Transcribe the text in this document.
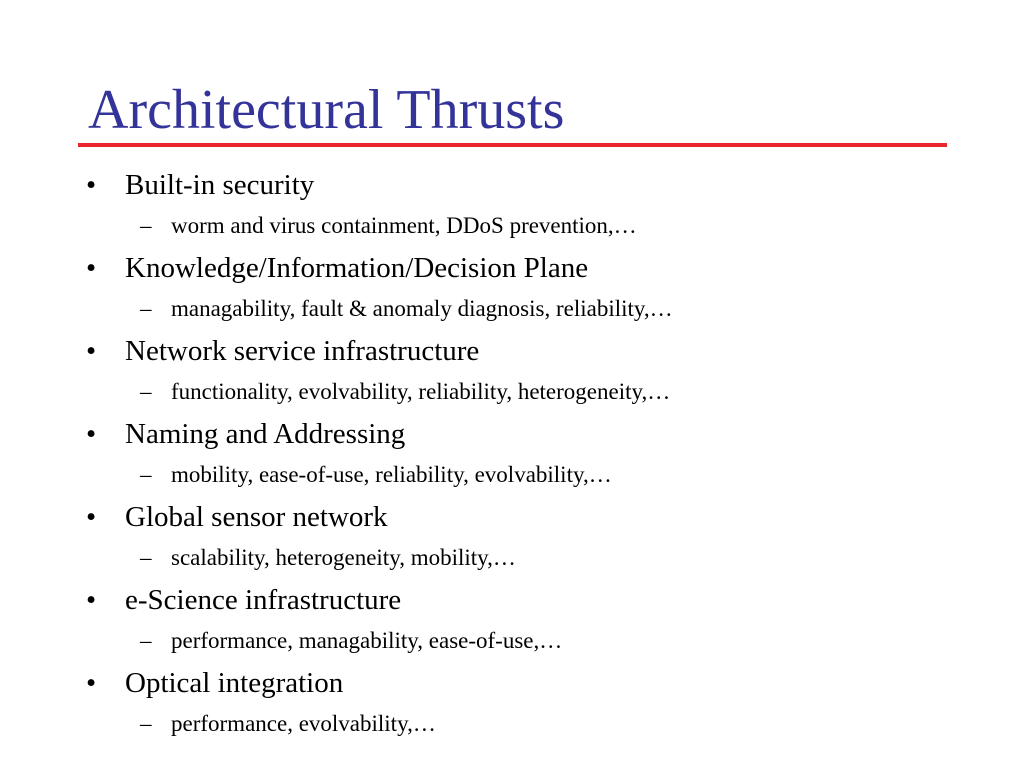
Architectural Thrusts
• Built-in security
– worm and virus containment, DDoS prevention,…
• Knowledge/Information/Decision Plane
– managability, fault & anomaly diagnosis, reliability,…
• Network service infrastructure
– functionality, evolvability, reliability, heterogeneity,…
• Naming and Addressing
– mobility, ease-of-use, reliability, evolvability,…
• Global sensor network
– scalability, heterogeneity, mobility,…
• e-Science infrastructure
– performance, managability, ease-of-use,…
• Optical integration
– performance, evolvability,…
